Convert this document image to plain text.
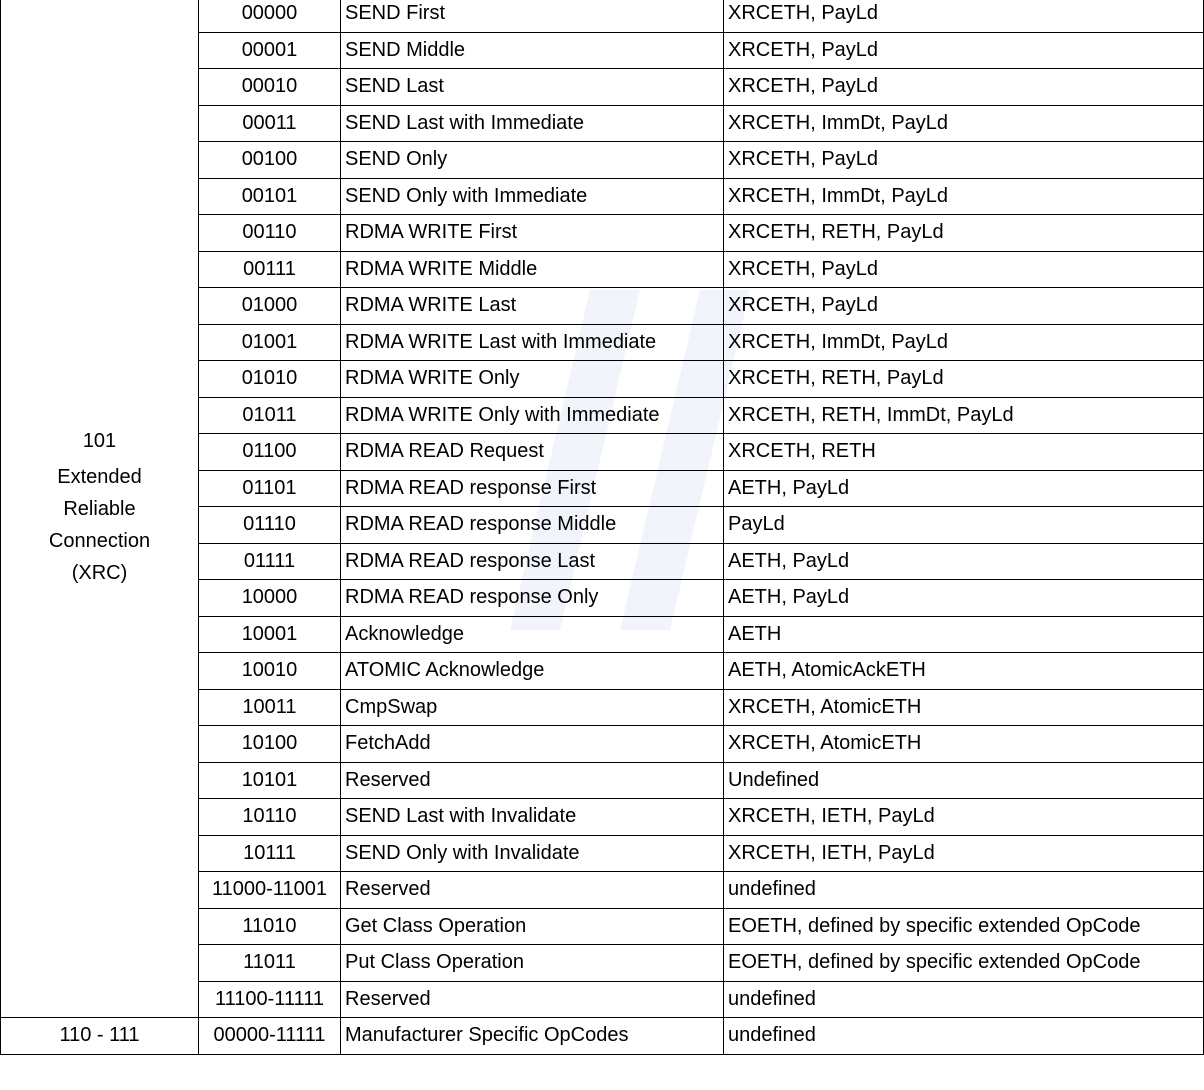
101
Extended
Reliable
Connection
(XRC)	00000	SEND First	XRCETH, PayLd
	00001	SEND Middle	XRCETH, PayLd
	00010	SEND Last	XRCETH, PayLd
	00011	SEND Last with Immediate	XRCETH, ImmDt, PayLd
	00100	SEND Only	XRCETH, PayLd
	00101	SEND Only with Immediate	XRCETH, ImmDt, PayLd
	00110	RDMA WRITE First	XRCETH, RETH, PayLd
	00111	RDMA WRITE Middle	XRCETH, PayLd
	01000	RDMA WRITE Last	XRCETH, PayLd
	01001	RDMA WRITE Last with Immediate	XRCETH, ImmDt, PayLd
	01010	RDMA WRITE Only	XRCETH, RETH, PayLd
	01011	RDMA WRITE Only with Immediate	XRCETH, RETH, ImmDt, PayLd
	01100	RDMA READ Request	XRCETH, RETH
	01101	RDMA READ response First	AETH, PayLd
	01110	RDMA READ response Middle	PayLd
	01111	RDMA READ response Last	AETH, PayLd
	10000	RDMA READ response Only	AETH, PayLd
	10001	Acknowledge	AETH
	10010	ATOMIC Acknowledge	AETH, AtomicAckETH
	10011	CmpSwap	XRCETH, AtomicETH
	10100	FetchAdd	XRCETH, AtomicETH
	10101	Reserved	Undefined
	10110	SEND Last with Invalidate	XRCETH, IETH, PayLd
	10111	SEND Only with Invalidate	XRCETH, IETH, PayLd
	11000-11001	Reserved	undefined
	11010	Get Class Operation	EOETH, defined by specific extended OpCode
	11011	Put Class Operation	EOETH, defined by specific extended OpCode
	11100-11111	Reserved	undefined
110 - 111	00000-11111	Manufacturer Specific OpCodes	undefined
